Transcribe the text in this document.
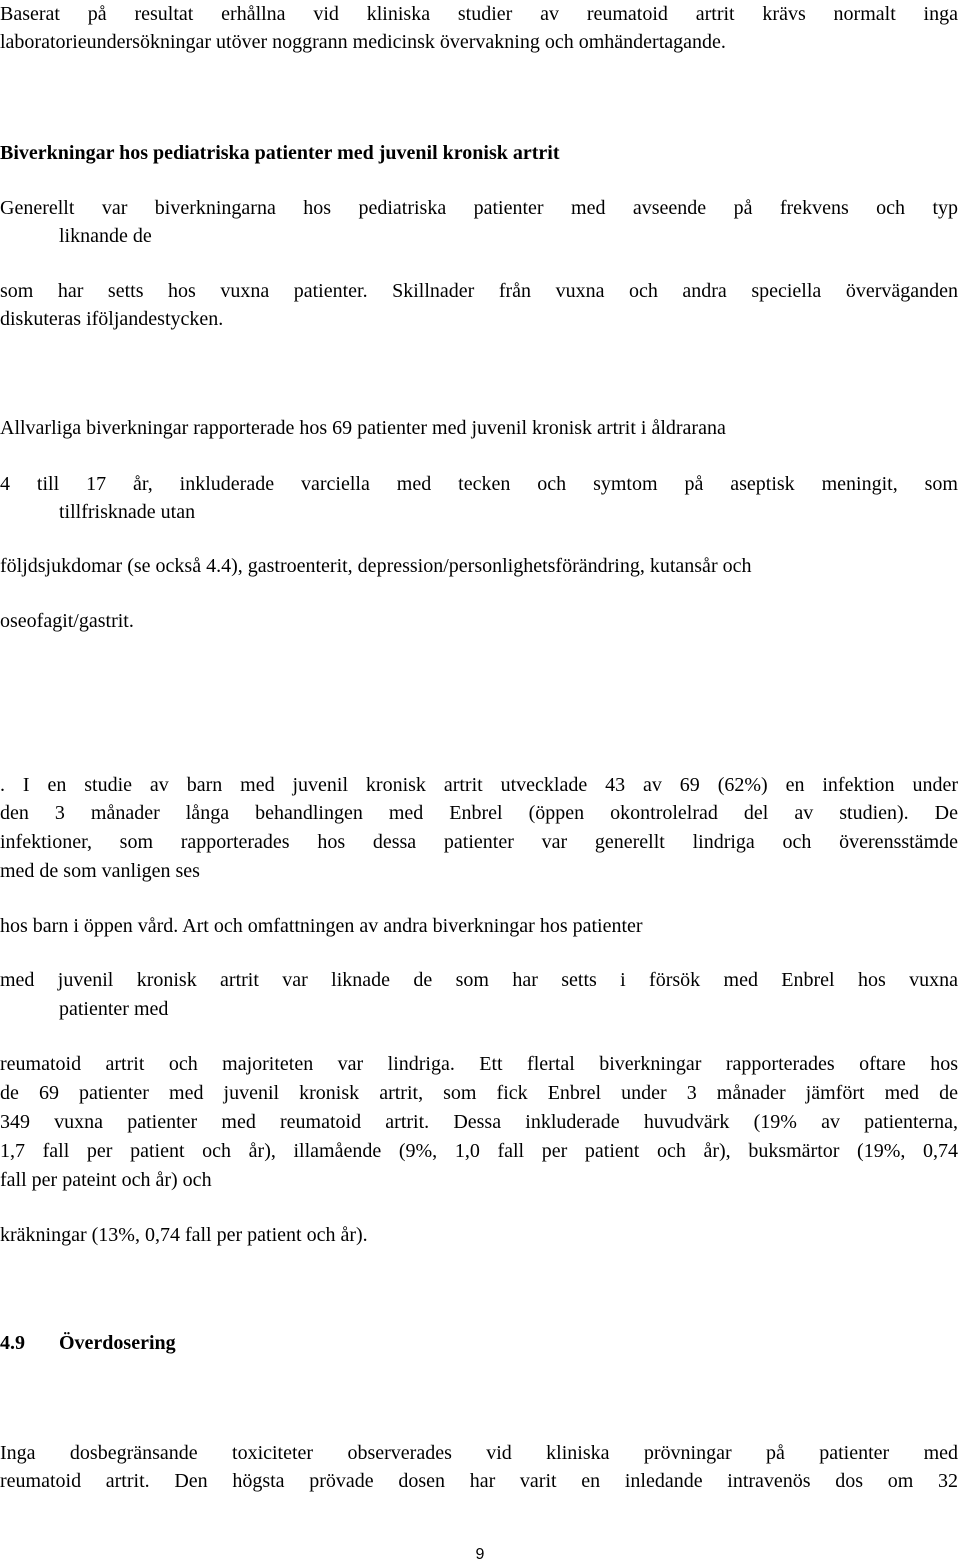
Baserat på resultat erhållna vid kliniska studier av reumatoid artrit krävs normalt inga
laboratorieundersökningar utöver noggrann medicinsk övervakning och omhändertagande.
Biverkningar hos pediatriska patienter med juvenil kronisk artrit
Generellt var biverkningarna hos pediatriska patienter med avseende på frekvens och typ
liknande de
som har setts hos vuxna patienter. Skillnader från vuxna och andra speciella överväganden
diskuteras iföljandestycken.
Allvarliga biverkningar rapporterade hos 69 patienter med juvenil kronisk artrit i åldrarana
4 till 17 år, inkluderade varciella med tecken och symtom på aseptisk meningit, som
tillfrisknade utan
följdsjukdomar (se också 4.4), gastroenterit, depression/personlighetsförändring, kutansår och
oseofagit/gastrit.
. I en studie av barn med juvenil kronisk artrit utvecklade 43 av 69 (62%) en infektion under
den 3 månader långa behandlingen med Enbrel (öppen okontrolelrad del av studien). De
infektioner, som rapporterades hos dessa patienter var generellt lindriga och överensstämde
med de som vanligen ses
hos barn i öppen vård. Art och omfattningen av andra biverkningar hos patienter
med juvenil kronisk artrit var liknade de som har setts i försök med Enbrel hos vuxna
patienter med
reumatoid artrit och majoriteten var lindriga. Ett flertal biverkningar rapporterades oftare hos
de 69 patienter med juvenil kronisk artrit, som fick Enbrel under 3 månader jämfört med de
349 vuxna patienter med reumatoid artrit. Dessa inkluderade huvudvärk (19% av patienterna,
1,7 fall per patient och år), illamående (9%, 1,0 fall per patient och år), buksmärtor (19%, 0,74
fall per pateint och år) och
kräkningar (13%, 0,74 fall per patient och år).
4.9 Överdosering
Inga dosbegränsande toxiciteter observerades vid kliniska prövningar på patienter med
reumatoid artrit. Den högsta prövade dosen har varit en inledande intravenös dos om 32
9
